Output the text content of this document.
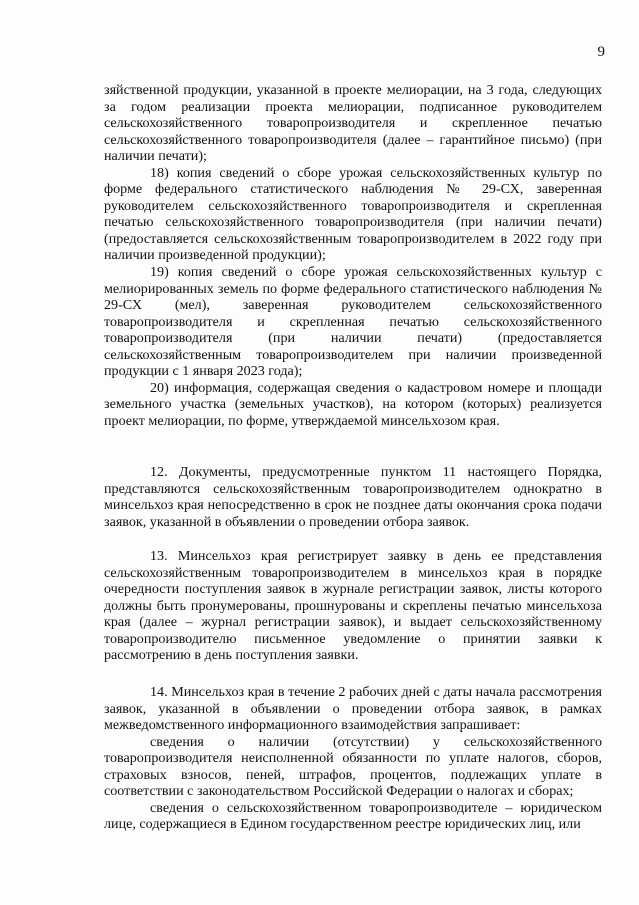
9

зяйственной продукции, указанной в проекте мелиорации, на 3 года, следующих за годом реализации проекта мелиорации, подписанное руководителем сельскохозяйственного товаропроизводителя и скрепленное печатью сельскохозяйственного товаропроизводителя (далее – гарантийное письмо) (при наличии печати);

18) копия сведений о сборе урожая сельскохозяйственных культур по форме федерального статистического наблюдения № 29-СХ, заверенная руководителем сельскохозяйственного товаропроизводителя и скрепленная печатью сельскохозяйственного товаропроизводителя (при наличии печати) (предоставляется сельскохозяйственным товаропроизводителем в 2022 году при наличии произведенной продукции);

19) копия сведений о сборе урожая сельскохозяйственных культур с мелиорированных земель по форме федерального статистического наблюдения № 29-СХ (мел), заверенная руководителем сельскохозяйственного товаропроизводителя и скрепленная печатью сельскохозяйственного товаропроизводителя (при наличии печати) (предоставляется сельскохозяйственным товаропроизводителем при наличии произведенной продукции с 1 января 2023 года);

20) информация, содержащая сведения о кадастровом номере и площади земельного участка (земельных участков), на котором (которых) реализуется проект мелиорации, по форме, утверждаемой минсельхозом края.

12. Документы, предусмотренные пунктом 11 настоящего Порядка, представляются сельскохозяйственным товаропроизводителем однократно в минсельхоз края непосредственно в срок не позднее даты окончания срока подачи заявок, указанной в объявлении о проведении отбора заявок.

13. Минсельхоз края регистрирует заявку в день ее представления сельскохозяйственным товаропроизводителем в минсельхоз края в порядке очередности поступления заявок в журнале регистрации заявок, листы которого должны быть пронумерованы, прошнурованы и скреплены печатью минсельхоза края (далее – журнал регистрации заявок), и выдает сельскохозяйственному товаропроизводителю письменное уведомление о принятии заявки к рассмотрению в день поступления заявки.

14. Минсельхоз края в течение 2 рабочих дней с даты начала рассмотрения заявок, указанной в объявлении о проведении отбора заявок, в рамках межведомственного информационного взаимодействия запрашивает:

сведения о наличии (отсутствии) у сельскохозяйственного товаропроизводителя неисполненной обязанности по уплате налогов, сборов, страховых взносов, пеней, штрафов, процентов, подлежащих уплате в соответствии с законодательством Российской Федерации о налогах и сборах;

сведения о сельскохозяйственном товаропроизводителе – юридическом лице, содержащиеся в Едином государственном реестре юридических лиц, или
